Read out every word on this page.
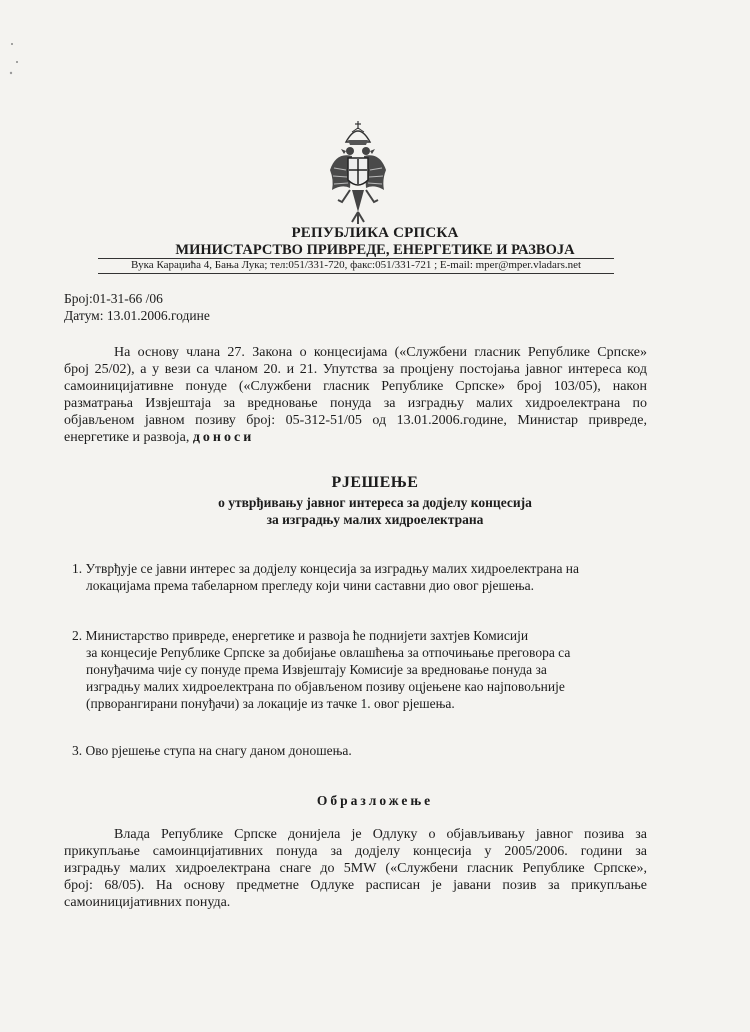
РЕПУБЛИКА СРПСКА
МИНИСТАРСТВО ПРИВРЕДЕ, ЕНЕРГЕТИКЕ И РАЗВОЈА
Вука Караџића 4, Бања Лука; тел:051/331-720, факс:051/331-721 ; E-mail: mper@mper.vladars.net
Број:01-31-66 /06
Датум: 13.01.2006.године
На основу члана 27. Закона о концесијама («Службени гласник Републике Српске»
број 25/02), а у вези са чланом 20. и 21. Упутства за процјену постојања јавног интереса код
самоиницијативне понуде («Службени гласник Републике Српске» број 103/05), након
разматрања Извјештаја за вредновање понуда за изградњу малих хидроелектрана по
објављеном јавном позиву број: 05-312-51/05 од 13.01.2006.године, Министар привреде,
енергетике и развоја, доноси
РЈЕШЕЊЕ
о утврђивању јавног интереса за додјелу концесија
за изградњу малих хидроелектрана
1. Утврђује се јавни интерес за додјелу концесија за изградњу малих хидроелектрана на
локацијама према табеларном прегледу који чини саставни дио овог рјешења.
2. Министарство привреде, енергетике и развоја ће поднијети захтјев Комисији
за концесије Републике Српске за добијање овлашћења за отпочињање преговора са
понуђачима чије су понуде према Извјештају Комисије за вредновање понуда за
изградњу малих хидроелектрана по објављеном позиву оцјењене као најповољније
(прворангирани понуђачи) за локације из тачке 1. овог рјешења.
3. Ово рјешење ступа на снагу даном доношења.
Образложење
Влада Републике Српске донијела је Одлуку о објављивању јавног позива за
прикупљање самоинцијативних понуда за додјелу концесија у 2005/2006. години за
изградњу малих хидроелектрана снаге до 5MW («Службени гласник Републике Српске»,
број: 68/05). На основу предметне Одлуке расписан је јавани позив за прикупљање
самоиницијативних понуда.
